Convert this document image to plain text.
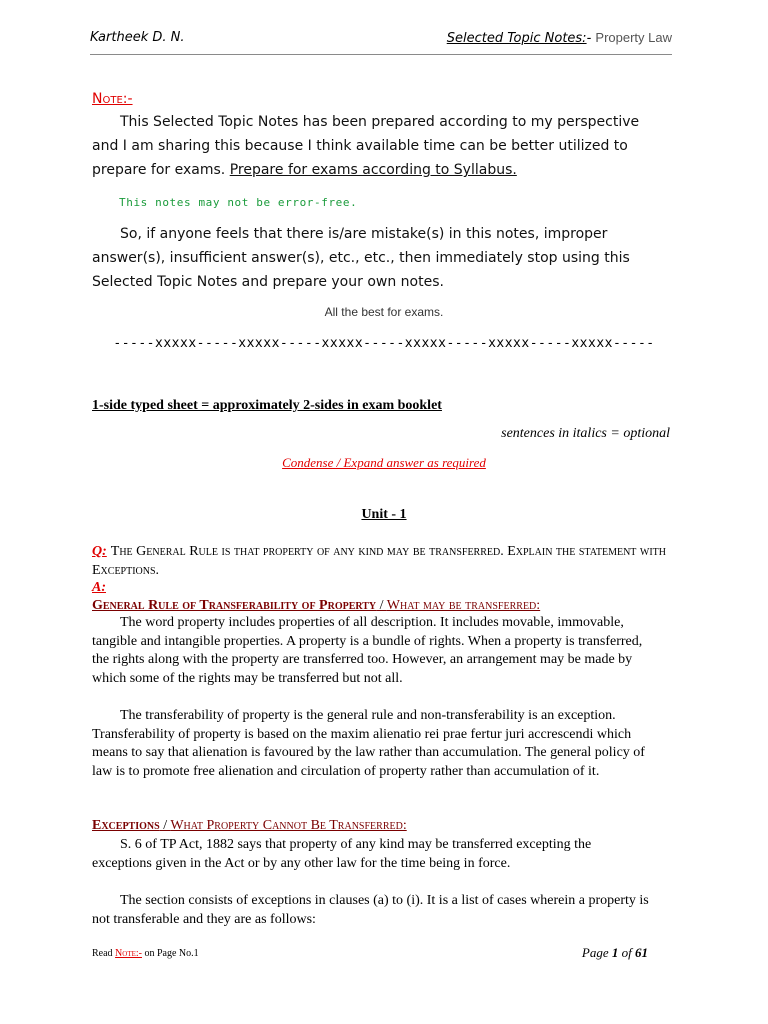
Kartheek D. N.	Selected Topic Notes:- Property Law
Note:-
This Selected Topic Notes has been prepared according to my perspective and I am sharing this because I think available time can be better utilized to prepare for exams. Prepare for exams according to Syllabus.
This notes may not be error-free.
So, if anyone feels that there is/are mistake(s) in this notes, improper answer(s), insufficient answer(s), etc., etc., then immediately stop using this Selected Topic Notes and prepare your own notes.
All the best for exams.
-----xxxxx-----xxxxx-----xxxxx-----xxxxx-----xxxxx-----xxxxx-----
1-side typed sheet = approximately 2-sides in exam booklet
sentences in italics = optional
Condense / Expand answer as required
Unit - 1
Q: The General Rule is that property of any kind may be transferred. Explain the statement with Exceptions.
A:
General Rule of Transferability of Property / What may be transferred:
The word property includes properties of all description. It includes movable, immovable, tangible and intangible properties. A property is a bundle of rights. When a property is transferred, the rights along with the property are transferred too. However, an arrangement may be made by which some of the rights may be transferred but not all.
The transferability of property is the general rule and non-transferability is an exception. Transferability of property is based on the maxim alienatio rei prae fertur juri accrescendi which means to say that alienation is favoured by the law rather than accumulation. The general policy of law is to promote free alienation and circulation of property rather than accumulation of it.
Exceptions / What Property Cannot Be Transferred:
S. 6 of TP Act, 1882 says that property of any kind may be transferred excepting the exceptions given in the Act or by any other law for the time being in force.
The section consists of exceptions in clauses (a) to (i). It is a list of cases wherein a property is not transferable and they are as follows:
Read Note:- on Page No.1	Page 1 of 61
